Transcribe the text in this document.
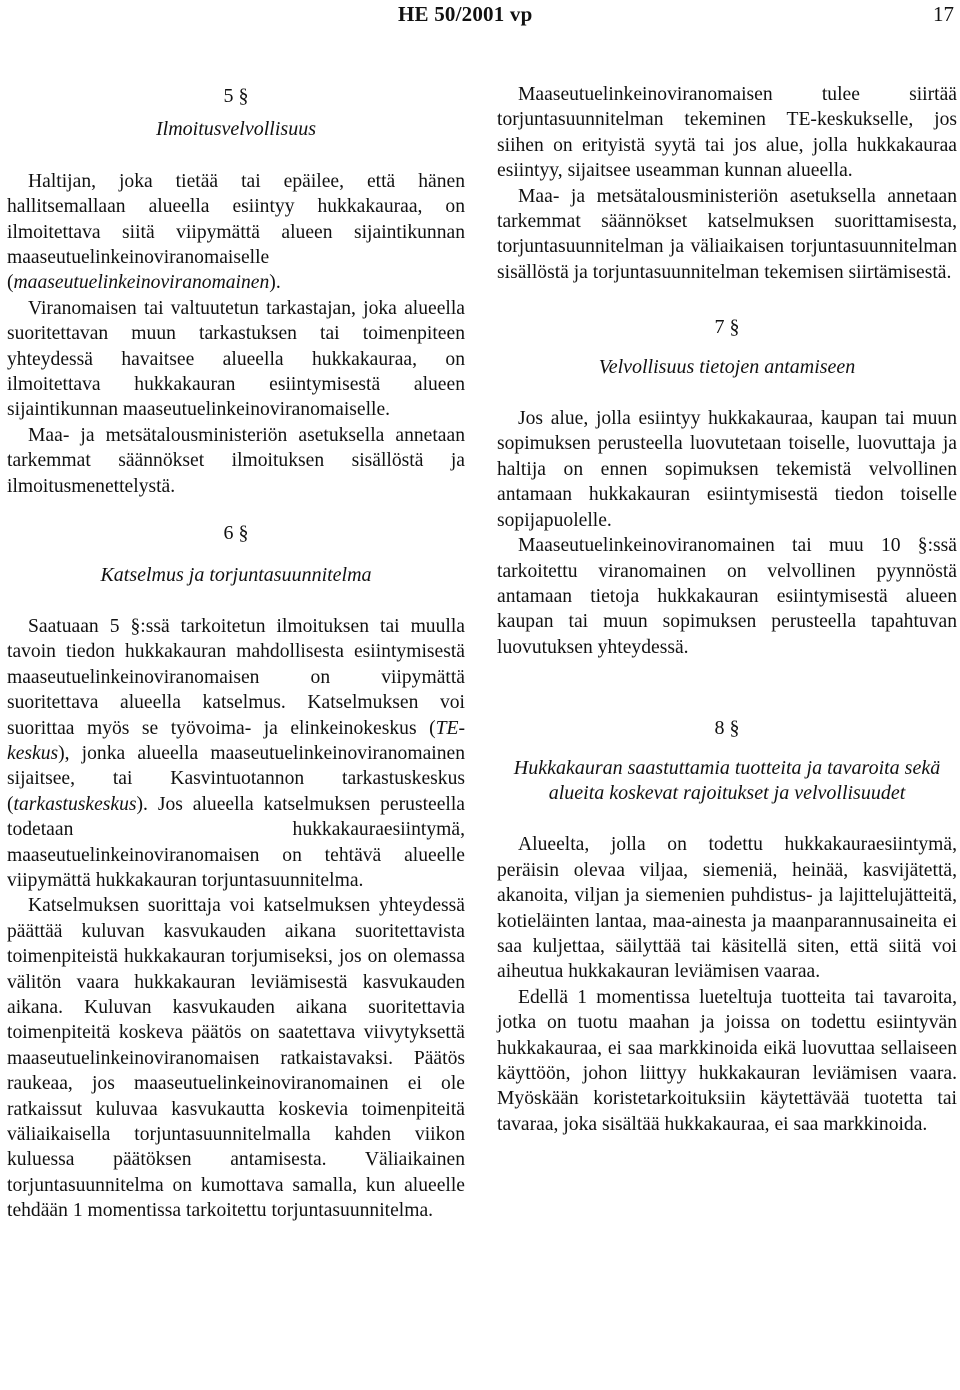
HE 50/2001 vp	17

5 §

Ilmoitusvelvollisuus

Haltijan, joka tietää tai epäilee, että hänen hallitsemallaan alueella esiintyy hukkakauraa, on ilmoitettava siitä viipymättä alueen sijaintikunnan maaseutuelinkeinoviranomaiselle (maaseutuelinkeinoviranomainen).

Viranomaisen tai valtuutetun tarkastajan, joka alueella suoritettavan muun tarkastuksen tai toimenpiteen yhteydessä havaitsee alueella hukkakauraa, on ilmoitettava hukkakauran esiintymisestä alueen sijaintikunnan maaseutuelinkeinoviranomaiselle.

Maa- ja metsätalousministeriön asetuksella annetaan tarkemmat säännökset ilmoituksen sisällöstä ja ilmoitusmenettelystä.

6 §

Katselmus ja torjuntasuunnitelma

Saatuaan 5 §:ssä tarkoitetun ilmoituksen tai muulla tavoin tiedon hukkakauran mahdollisesta esiintymisestä maaseutuelinkeinoviranomaisen on viipymättä suoritettava alueella katselmus. Katselmuksen voi suorittaa myös se työvoima- ja elinkeinokeskus (TE-keskus), jonka alueella maaseutuelinkeinoviranomainen sijaitsee, tai Kasvintuotannon tarkastuskeskus (tarkastuskeskus). Jos alueella katselmuksen perusteella todetaan hukkakauraesiintymä, maaseutuelinkeinoviranomaisen on tehtävä alueelle viipymättä hukkakauran torjuntasuunnitelma.

Katselmuksen suorittaja voi katselmuksen yhteydessä päättää kuluvan kasvukauden aikana suoritettavista toimenpiteistä hukkakauran torjumiseksi, jos on olemassa välitön vaara hukkakauran leviämisestä kasvukauden aikana. Kuluvan kasvukauden aikana suoritettavia toimenpiteitä koskeva päätös on saatettava viivytyksettä maaseutuelinkeinoviranomaisen ratkaistavaksi. Päätös raukeaa, jos maaseutuelinkeinoviranomainen ei ole ratkaissut kuluvaa kasvukautta koskevia toimenpiteitä väliaikaisella torjuntasuunnitelmalla kahden viikon kuluessa päätöksen antamisesta. Väliaikainen torjuntasuunnitelma on kumottava samalla, kun alueelle tehdään 1 momentissa tarkoitettu torjuntasuunnitelma.

Maaseutuelinkeinoviranomaisen tulee siirtää torjuntasuunnitelman tekeminen TE-keskukselle, jos siihen on erityistä syytä tai jos alue, jolla hukkakauraa esiintyy, sijaitsee useamman kunnan alueella.

Maa- ja metsätalousministeriön asetuksella annetaan tarkemmat säännökset katselmuksen suorittamisesta, torjuntasuunnitelman ja väliaikaisen torjuntasuunnitelman sisällöstä ja torjuntasuunnitelman tekemisen siirtämisestä.

7 §

Velvollisuus tietojen antamiseen

Jos alue, jolla esiintyy hukkakauraa, kaupan tai muun sopimuksen perusteella luovutetaan toiselle, luovuttaja ja haltija on ennen sopimuksen tekemistä velvollinen antamaan hukkakauran esiintymisestä tiedon toiselle sopijapuolelle.

Maaseutuelinkeinoviranomainen tai muu 10 §:ssä tarkoitettu viranomainen on velvollinen pyynnöstä antamaan tietoja hukkakauran esiintymisestä alueen kaupan tai muun sopimuksen perusteella tapahtuvan luovutuksen yhteydessä.

8 §

Hukkakauran saastuttamia tuotteita ja tavaroita sekä alueita koskevat rajoitukset ja velvollisuudet

Alueelta, jolla on todettu hukkakauraesiintymä, peräisin olevaa viljaa, siemeniä, heinää, kasvijätettä, akanoita, viljan ja siemenien puhdistus- ja lajittelujätteitä, kotieläinten lantaa, maa-ainesta ja maanparannusaineita ei saa kuljettaa, säilyttää tai käsitellä siten, että siitä voi aiheutua hukkakauran leviämisen vaaraa.

Edellä 1 momentissa lueteltuja tuotteita tai tavaroita, jotka on tuotu maahan ja joissa on todettu esiintyvän hukkakauraa, ei saa markkinoida eikä luovuttaa sellaiseen käyttöön, johon liittyy hukkakauran leviämisen vaara. Myöskään koristetarkoituksiin käytettävää tuotetta tai tavaraa, joka sisältää hukkakauraa, ei saa markkinoida.
